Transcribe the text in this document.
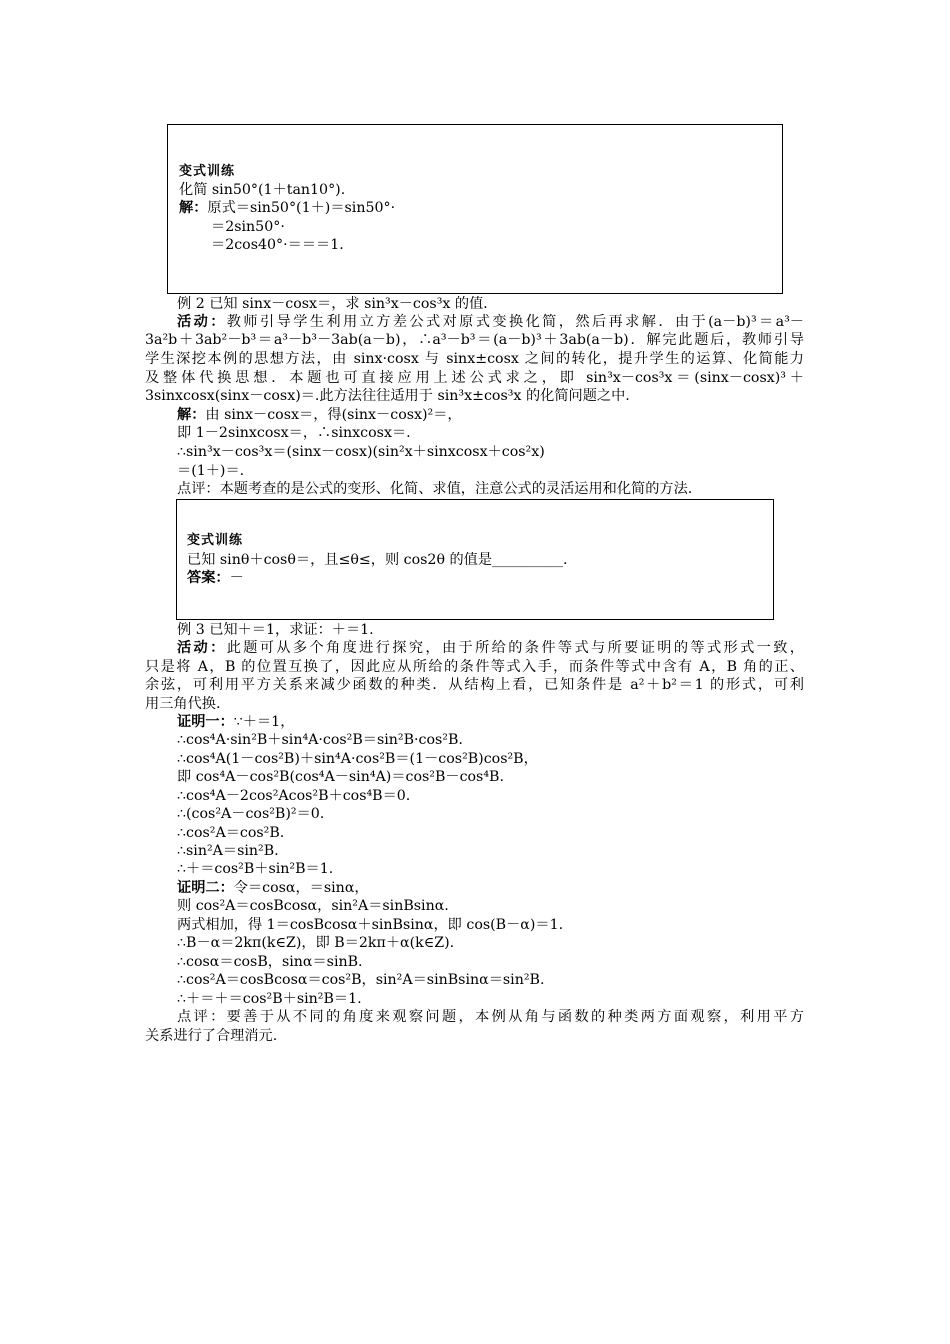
变式训练
化简 sin50°(1＋tan10°).
解：原式＝sin50°(1＋)＝sin50°·
＝2sin50°·
＝2cos40°·＝＝＝1.
例 2 已知 sinx－cosx＝，求 sin³x－cos³x 的值．
活动：教师引导学生利用立方差公式对原式变换化简，然后再求解．由于(a－b)³＝a³－
3a²b＋3ab²－b³＝a³－b³－3ab(a－b)，∴a³－b³＝(a－b)³＋3ab(a－b)．解完此题后，教师引导
学生深挖本例的思想方法，由 sinx·cosx 与 sinx±cosx 之间的转化，提升学生的运算、化简能力
及整体代换思想．本题也可直接应用上述公式求之，即 sin³x－cos³x＝(sinx－cosx)³＋
3sinxcosx(sinx－cosx)＝.此方法往往适用于 sin³x±cos³x 的化简问题之中.
解：由 sinx－cosx＝，得(sinx－cosx)²＝，
即 1－2sinxcosx＝，∴sinxcosx＝.
∴sin³x－cos³x＝(sinx－cosx)(sin²x＋sinxcosx＋cos²x)
＝(1＋)＝.
点评：本题考查的是公式的变形、化简、求值，注意公式的灵活运用和化简的方法.
变式训练
已知 sinθ＋cosθ＝，且≤θ≤，则 cos2θ 的值是__________.
答案：－
例 3 已知＋＝1，求证：＋＝1.
活动：此题可从多个角度进行探究，由于所给的条件等式与所要证明的等式形式一致，
只是将 A，B 的位置互换了，因此应从所给的条件等式入手，而条件等式中含有 A，B 角的正、
余弦，可利用平方关系来减少函数的种类．从结构上看，已知条件是 a²＋b²＝1 的形式，可利
用三角代换.
证明一：∵＋＝1，
∴cos⁴A·sin²B＋sin⁴A·cos²B＝sin²B·cos²B.
∴cos⁴A(1－cos²B)＋sin⁴A·cos²B＝(1－cos²B)cos²B，
即 cos⁴A－cos²B(cos⁴A－sin⁴A)＝cos²B－cos⁴B.
∴cos⁴A－2cos²Acos²B＋cos⁴B＝0.
∴(cos²A－cos²B)²＝0.
∴cos²A＝cos²B.
∴sin²A＝sin²B.
∴＋＝cos²B＋sin²B＝1.
证明二：令＝cosα，＝sinα，
则 cos²A＝cosBcosα，sin²A＝sinBsinα.
两式相加，得 1＝cosBcosα＋sinBsinα，即 cos(B－α)＝1.
∴B－α＝2kπ(k∈Z)，即 B＝2kπ＋α(k∈Z).
∴cosα＝cosB，sinα＝sinB.
∴cos²A＝cosBcosα＝cos²B，sin²A＝sinBsinα＝sin²B.
∴＋＝＋＝cos²B＋sin²B＝1.
点评：要善于从不同的角度来观察问题，本例从角与函数的种类两方面观察，利用平方
关系进行了合理消元.
